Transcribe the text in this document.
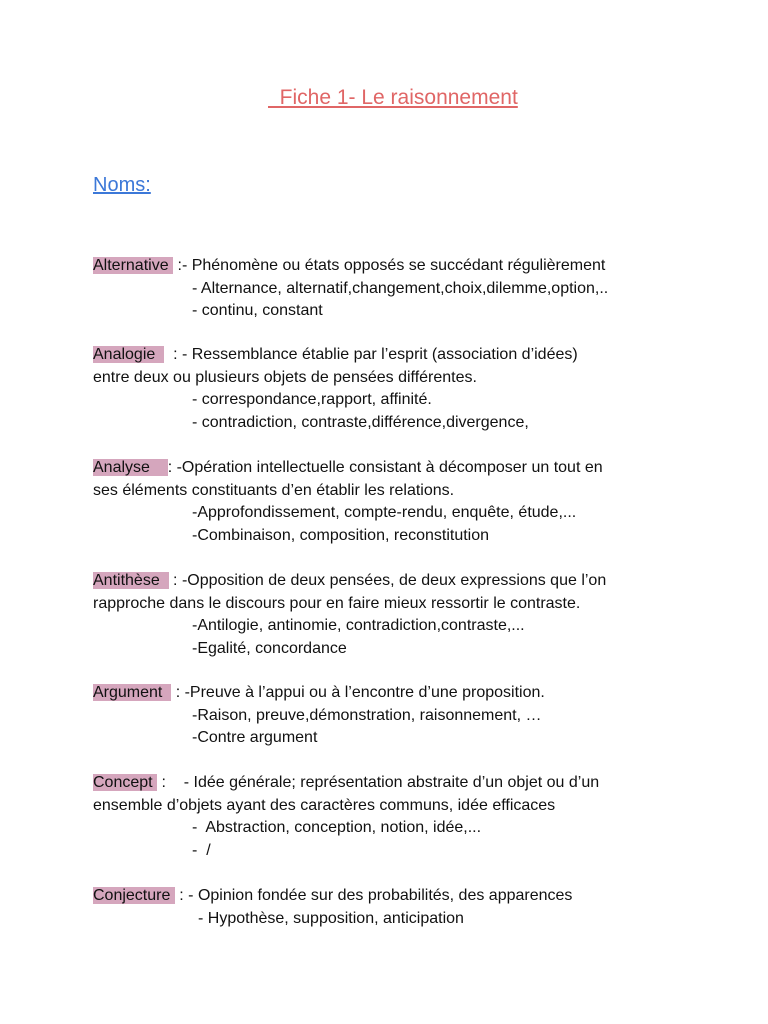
Fiche 1- Le raisonnement
Noms:
Alternative  :- Phénomène ou états opposés se succédant régulièrement
- Alternance, alternatif,changement,choix,dilemme,option,..
- continu, constant
Analogie    : - Ressemblance établie par l’esprit (association d’idées)
entre deux ou plusieurs objets de pensées différentes.
- correspondance,rapport, affinité.
- contradiction, contraste,différence,divergence,
Analyse    : -Opération intellectuelle consistant à décomposer un tout en
ses éléments constituants d’en établir les relations.
-Approfondissement, compte-rendu, enquête, étude,...
-Combinaison, composition, reconstitution
Antithèse   : -Opposition de deux pensées, de deux expressions que l’on
rapproche dans le discours pour en faire mieux ressortir le contraste.
-Antilogie, antinomie, contradiction,contraste,...
-Egalité, concordance
Argument   : -Preuve à l’appui ou à l’encontre d’une proposition.
-Raison, preuve,démonstration, raisonnement, …
-Contre argument
Concept  :    - Idée générale; représentation abstraite d’un objet ou d’un
ensemble d’objets ayant des caractères communs, idée efficaces
-  Abstraction, conception, notion, idée,...
-  /
Conjecture  : - Opinion fondée sur des probabilités, des apparences
- Hypothèse, supposition, anticipation
